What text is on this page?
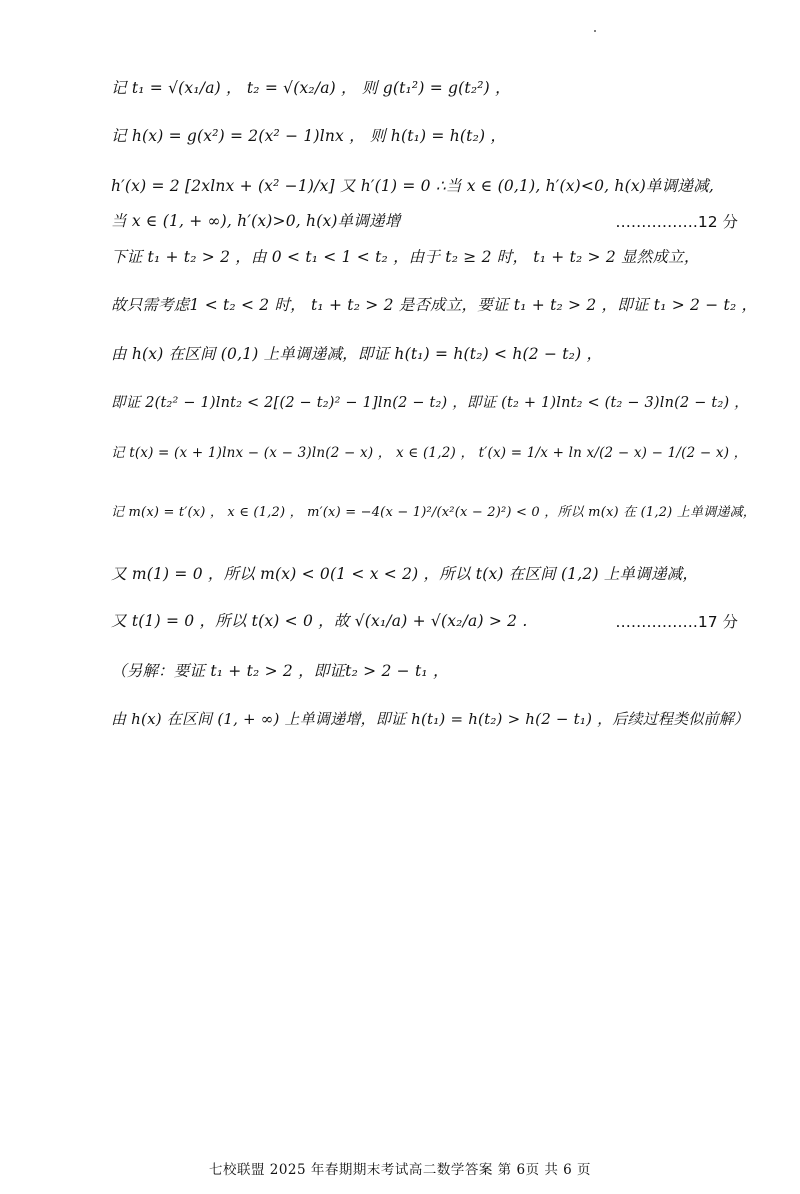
记 t₁ = √(x₁/a) ， t₂ = √(x₂/a) ， 则 g(t₁²) = g(t₂²) ，
记 h(x) = g(x²) = 2(x² − 1)lnx ， 则 h(t₁) = h(t₂) ，
h′(x) = 2 [2xlnx + (x² −1)/x] 又 h′(1) = 0 ∴当 x ∈ (0,1), h′(x)<0, h(x)单调递减,
当 x ∈ (1, + ∞), h′(x)>0, h(x)单调递增	…………….12 分
下证 t₁ + t₂ > 2 ，由 0 < t₁ < 1 < t₂ ，由于 t₂ ≥ 2 时， t₁ + t₂ > 2 显然成立，
故只需考虑1 < t₂ < 2 时， t₁ + t₂ > 2 是否成立，要证 t₁ + t₂ > 2 ，即证 t₁ > 2 − t₂ ，
由 h(x) 在区间 (0,1) 上单调递减，即证 h(t₁) = h(t₂) < h(2 − t₂) ，
即证 2(t₂² − 1)lnt₂ < 2[(2 − t₂)² − 1]ln(2 − t₂) ，即证 (t₂ + 1)lnt₂ < (t₂ − 3)ln(2 − t₂) ，
记 t(x) = (x + 1)lnx − (x − 3)ln(2 − x) ， x ∈ (1,2) ， t′(x) = 1/x + ln x/(2 − x) − 1/(2 − x) ，
记 m(x) = t′(x) ， x ∈ (1,2) ， m′(x) = −4(x − 1)²/(x²(x − 2)²) < 0 ，所以 m(x) 在 (1,2) 上单调递减，
又 m(1) = 0 ，所以 m(x) < 0(1 < x < 2) ，所以 t(x) 在区间 (1,2) 上单调递减，
又 t(1) = 0 ，所以 t(x) < 0 ，故 √(x₁/a) + √(x₂/a) > 2 .	…………….17 分
（另解：要证 t₁ + t₂ > 2 ，即证t₂ > 2 − t₁ ，
由 h(x) 在区间 (1, + ∞) 上单调递增，即证 h(t₁) = h(t₂) > h(2 − t₁) ，后续过程类似前解）
七校联盟 2025 年春期期末考试高二数学答案 第 6页 共 6 页
